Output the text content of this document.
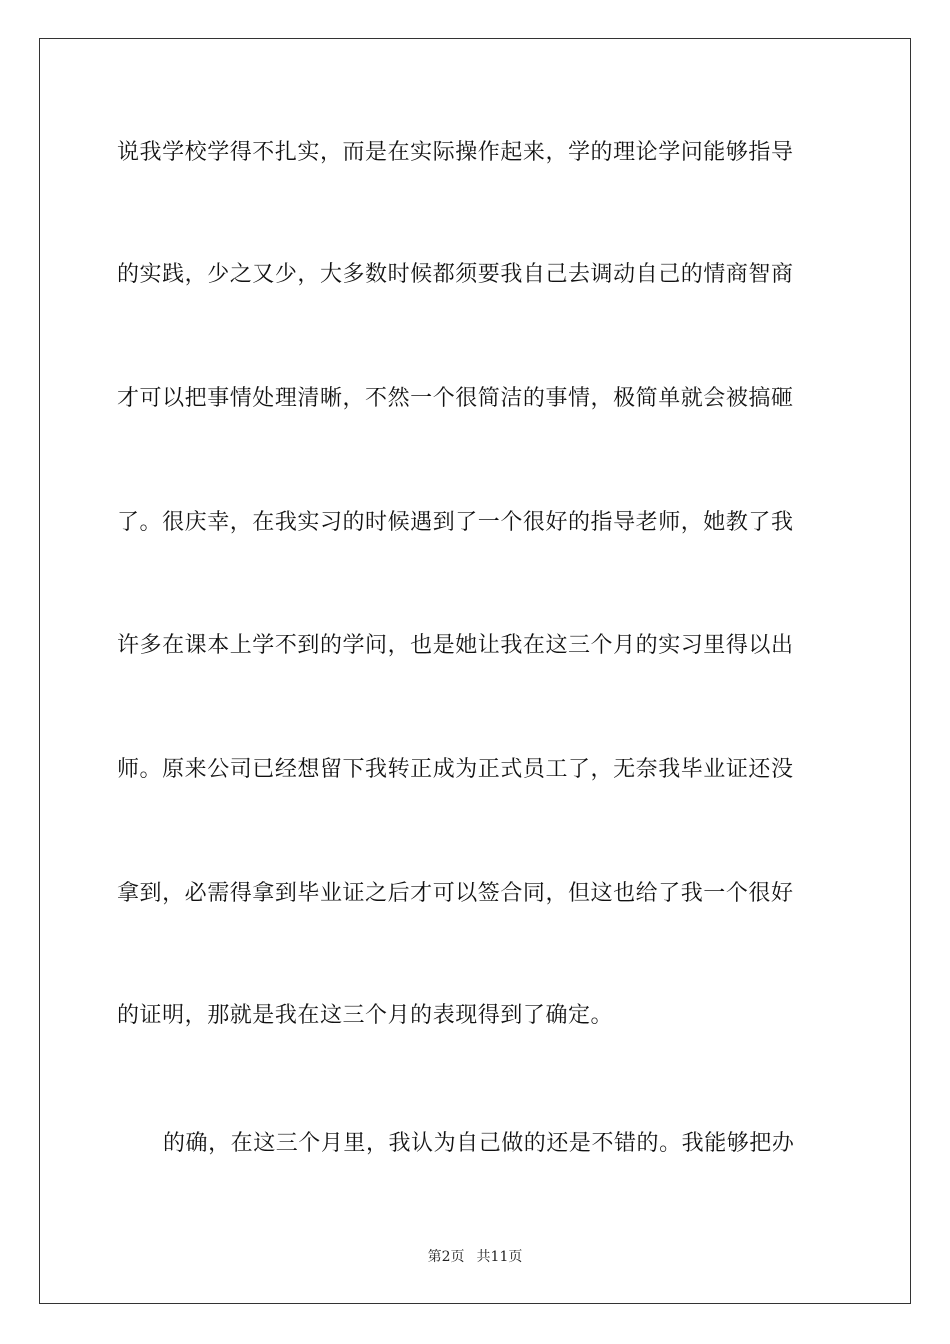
说我学校学得不扎实，而是在实际操作起来，学的理论学问能够指导
的实践，少之又少，大多数时候都须要我自己去调动自己的情商智商
才可以把事情处理清晰，不然一个很简洁的事情，极简单就会被搞砸
了。很庆幸，在我实习的时候遇到了一个很好的指导老师，她教了我
许多在课本上学不到的学问，也是她让我在这三个月的实习里得以出
师。原来公司已经想留下我转正成为正式员工了，无奈我毕业证还没
拿到，必需得拿到毕业证之后才可以签合同，但这也给了我一个很好
的证明，那就是我在这三个月的表现得到了确定。
的确，在这三个月里，我认为自己做的还是不错的。我能够把办
第2页 共11页
